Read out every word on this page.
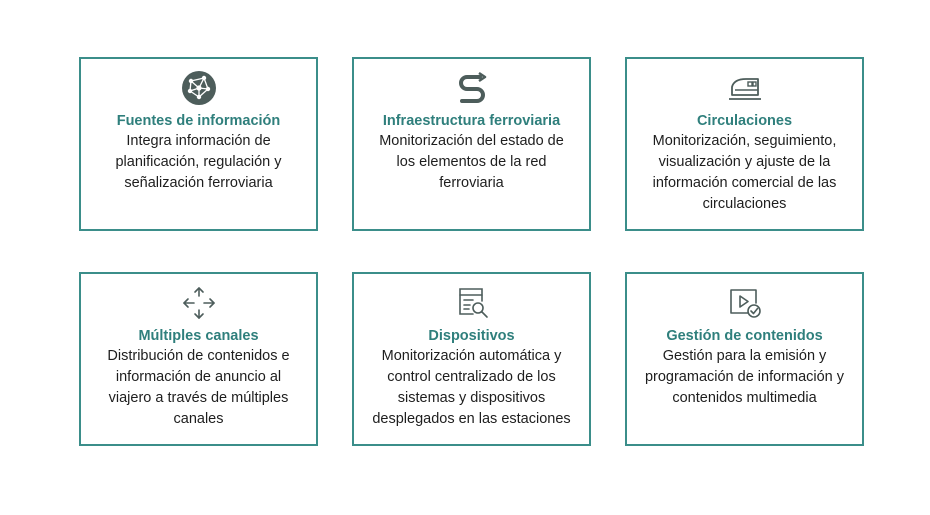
Fuentes de información
Integra información de
planificación, regulación y
señalización ferroviaria
Infraestructura ferroviaria
Monitorización del estado de
los elementos de la red
ferroviaria
Circulaciones
Monitorización, seguimiento,
visualización y ajuste de la
información comercial de las
circulaciones
Múltiples canales
Distribución de contenidos e
información de anuncio al
viajero a través de múltiples
canales
Dispositivos
Monitorización automática y
control centralizado de los
sistemas y dispositivos
desplegados en las estaciones
Gestión de contenidos
Gestión para la emisión y
programación de información y
contenidos multimedia
